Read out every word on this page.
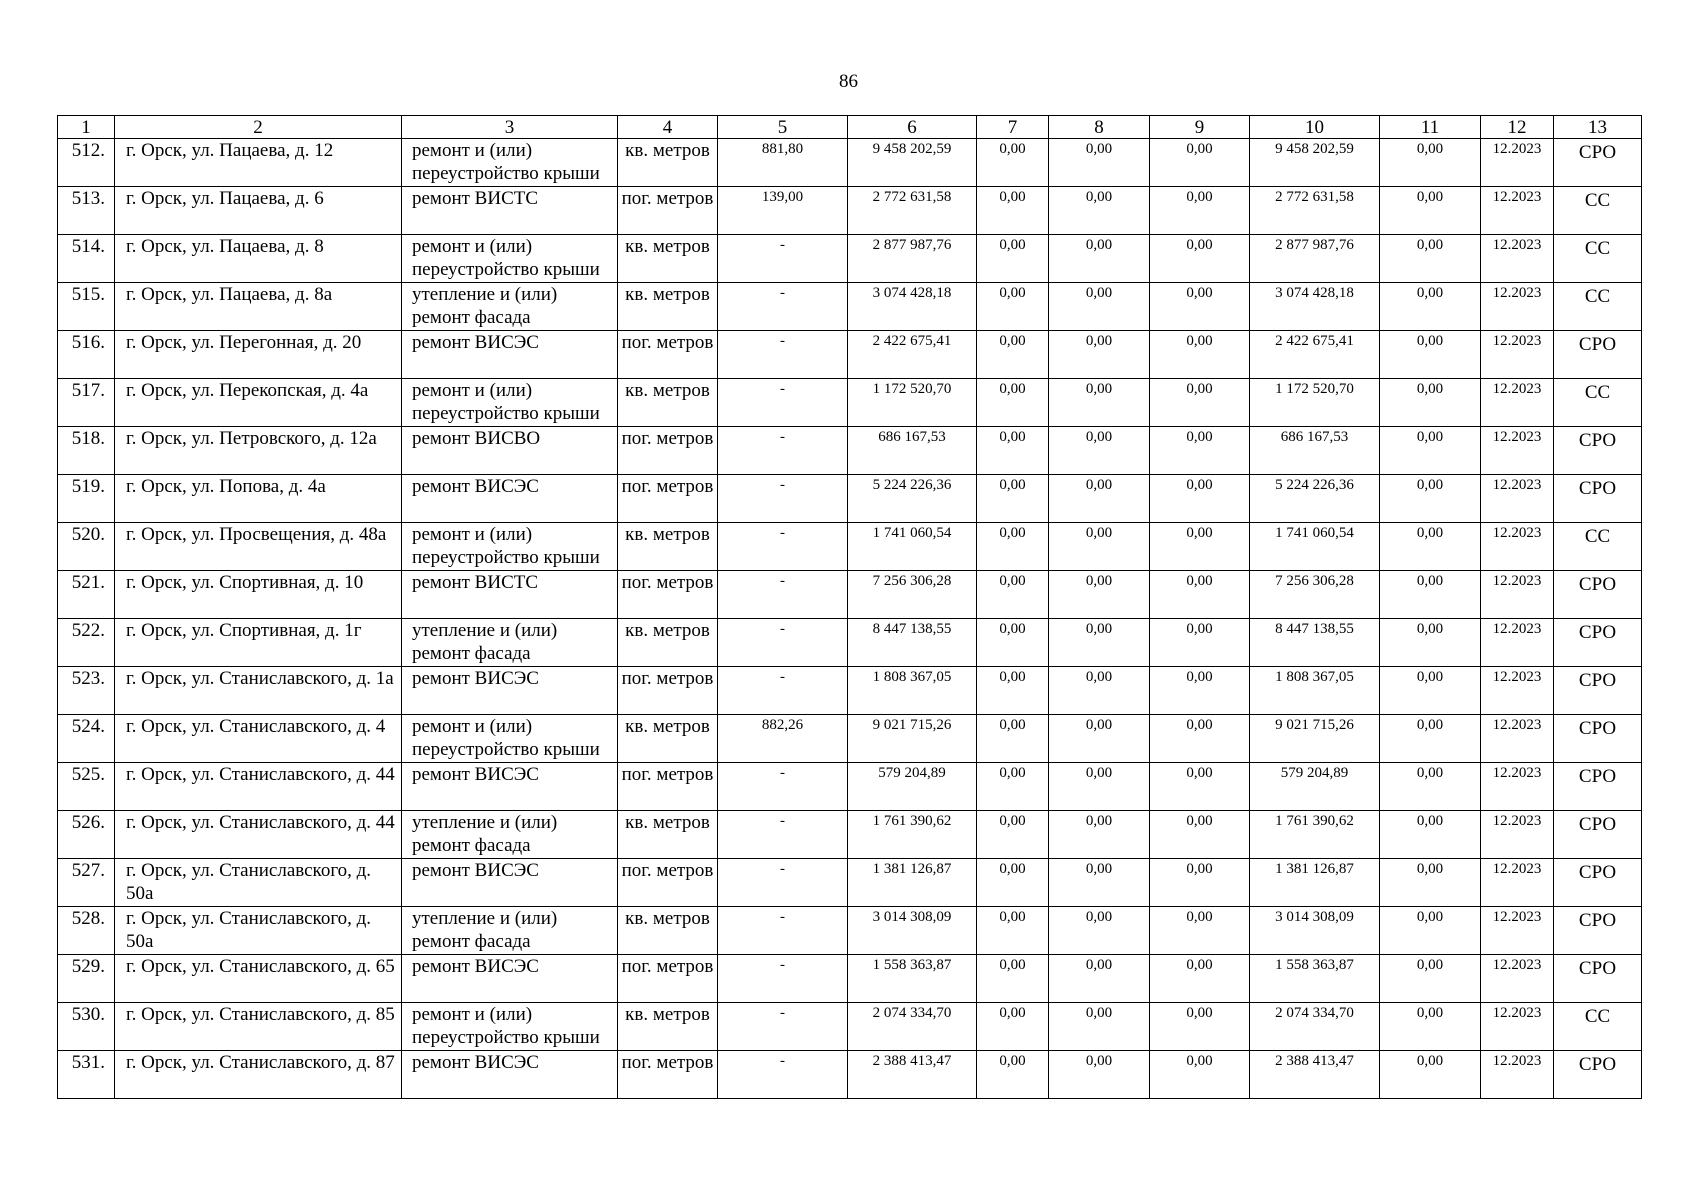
86
1	2	3	4	5	6	7	8	9	10	11	12	13
512.	г. Орск, ул. Пацаева, д. 12	ремонт и (или) переустройство крыши	кв. метров	881,80	9 458 202,59	0,00	0,00	0,00	9 458 202,59	0,00	12.2023	СРО
513.	г. Орск, ул. Пацаева, д. 6	ремонт ВИСТС	пог. метров	139,00	2 772 631,58	0,00	0,00	0,00	2 772 631,58	0,00	12.2023	СС
514.	г. Орск, ул. Пацаева, д. 8	ремонт и (или) переустройство крыши	кв. метров	-	2 877 987,76	0,00	0,00	0,00	2 877 987,76	0,00	12.2023	СС
515.	г. Орск, ул. Пацаева, д. 8а	утепление и (или) ремонт фасада	кв. метров	-	3 074 428,18	0,00	0,00	0,00	3 074 428,18	0,00	12.2023	СС
516.	г. Орск, ул. Перегонная, д. 20	ремонт ВИСЭС	пог. метров	-	2 422 675,41	0,00	0,00	0,00	2 422 675,41	0,00	12.2023	СРО
517.	г. Орск, ул. Перекопская, д. 4а	ремонт и (или) переустройство крыши	кв. метров	-	1 172 520,70	0,00	0,00	0,00	1 172 520,70	0,00	12.2023	СС
518.	г. Орск, ул. Петровского, д. 12а	ремонт ВИСВО	пог. метров	-	686 167,53	0,00	0,00	0,00	686 167,53	0,00	12.2023	СРО
519.	г. Орск, ул. Попова, д. 4а	ремонт ВИСЭС	пог. метров	-	5 224 226,36	0,00	0,00	0,00	5 224 226,36	0,00	12.2023	СРО
520.	г. Орск, ул. Просвещения, д. 48а	ремонт и (или) переустройство крыши	кв. метров	-	1 741 060,54	0,00	0,00	0,00	1 741 060,54	0,00	12.2023	СС
521.	г. Орск, ул. Спортивная, д. 10	ремонт ВИСТС	пог. метров	-	7 256 306,28	0,00	0,00	0,00	7 256 306,28	0,00	12.2023	СРО
522.	г. Орск, ул. Спортивная, д. 1г	утепление и (или) ремонт фасада	кв. метров	-	8 447 138,55	0,00	0,00	0,00	8 447 138,55	0,00	12.2023	СРО
523.	г. Орск, ул. Станиславского, д. 1а	ремонт ВИСЭС	пог. метров	-	1 808 367,05	0,00	0,00	0,00	1 808 367,05	0,00	12.2023	СРО
524.	г. Орск, ул. Станиславского, д. 4	ремонт и (или) переустройство крыши	кв. метров	882,26	9 021 715,26	0,00	0,00	0,00	9 021 715,26	0,00	12.2023	СРО
525.	г. Орск, ул. Станиславского, д. 44	ремонт ВИСЭС	пог. метров	-	579 204,89	0,00	0,00	0,00	579 204,89	0,00	12.2023	СРО
526.	г. Орск, ул. Станиславского, д. 44	утепление и (или) ремонт фасада	кв. метров	-	1 761 390,62	0,00	0,00	0,00	1 761 390,62	0,00	12.2023	СРО
527.	г. Орск, ул. Станиславского, д. 50а	ремонт ВИСЭС	пог. метров	-	1 381 126,87	0,00	0,00	0,00	1 381 126,87	0,00	12.2023	СРО
528.	г. Орск, ул. Станиславского, д. 50а	утепление и (или) ремонт фасада	кв. метров	-	3 014 308,09	0,00	0,00	0,00	3 014 308,09	0,00	12.2023	СРО
529.	г. Орск, ул. Станиславского, д. 65	ремонт ВИСЭС	пог. метров	-	1 558 363,87	0,00	0,00	0,00	1 558 363,87	0,00	12.2023	СРО
530.	г. Орск, ул. Станиславского, д. 85	ремонт и (или) переустройство крыши	кв. метров	-	2 074 334,70	0,00	0,00	0,00	2 074 334,70	0,00	12.2023	СС
531.	г. Орск, ул. Станиславского, д. 87	ремонт ВИСЭС	пог. метров	-	2 388 413,47	0,00	0,00	0,00	2 388 413,47	0,00	12.2023	СРО
